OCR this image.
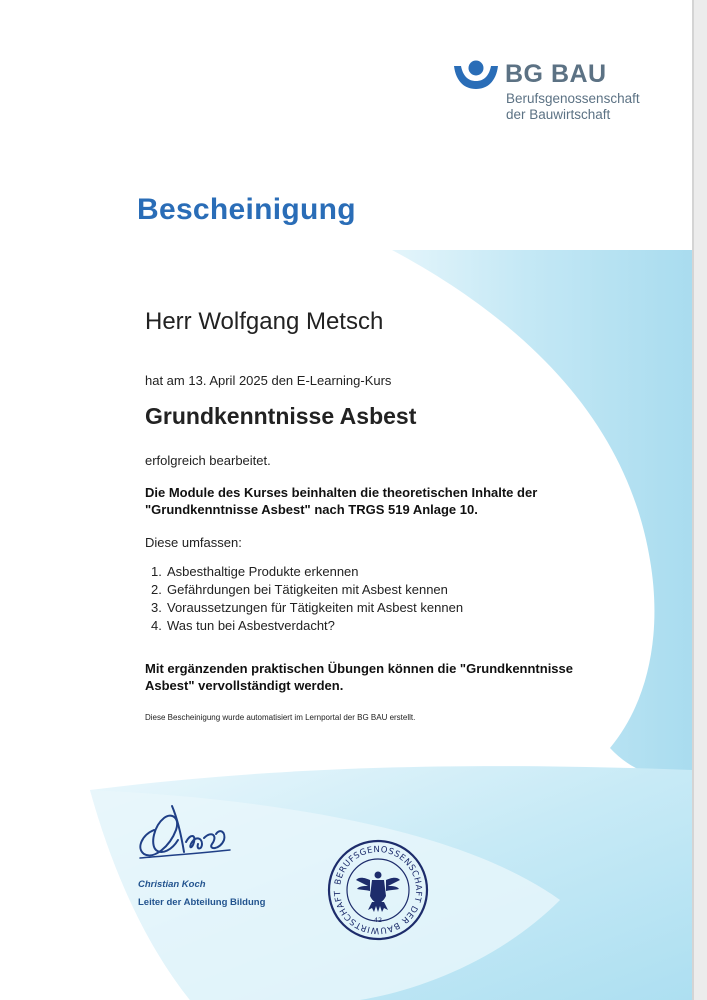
BG BAU
Berufsgenossenschaft
der Bauwirtschaft
Bescheinigung
Herr Wolfgang Metsch
hat am 13. April 2025 den E-Learning-Kurs
Grundkenntnisse Asbest
erfolgreich bearbeitet.
Die Module des Kurses beinhalten die theoretischen Inhalte der
"Grundkenntnisse Asbest" nach TRGS 519 Anlage 10.
Diese umfassen:
1. Asbesthaltige Produkte erkennen
2. Gefährdungen bei Tätigkeiten mit Asbest kennen
3. Voraussetzungen für Tätigkeiten mit Asbest kennen
4. Was tun bei Asbestverdacht?
Mit ergänzenden praktischen Übungen können die "Grundkenntnisse
Asbest" vervollständigt werden.
Diese Bescheinigung wurde automatisiert im Lernportal der BG BAU erstellt.
Christian Koch
Leiter der Abteilung Bildung
BERUFSGENOSSENSCHAFT DER BAUWIRTSCHAFT
42
